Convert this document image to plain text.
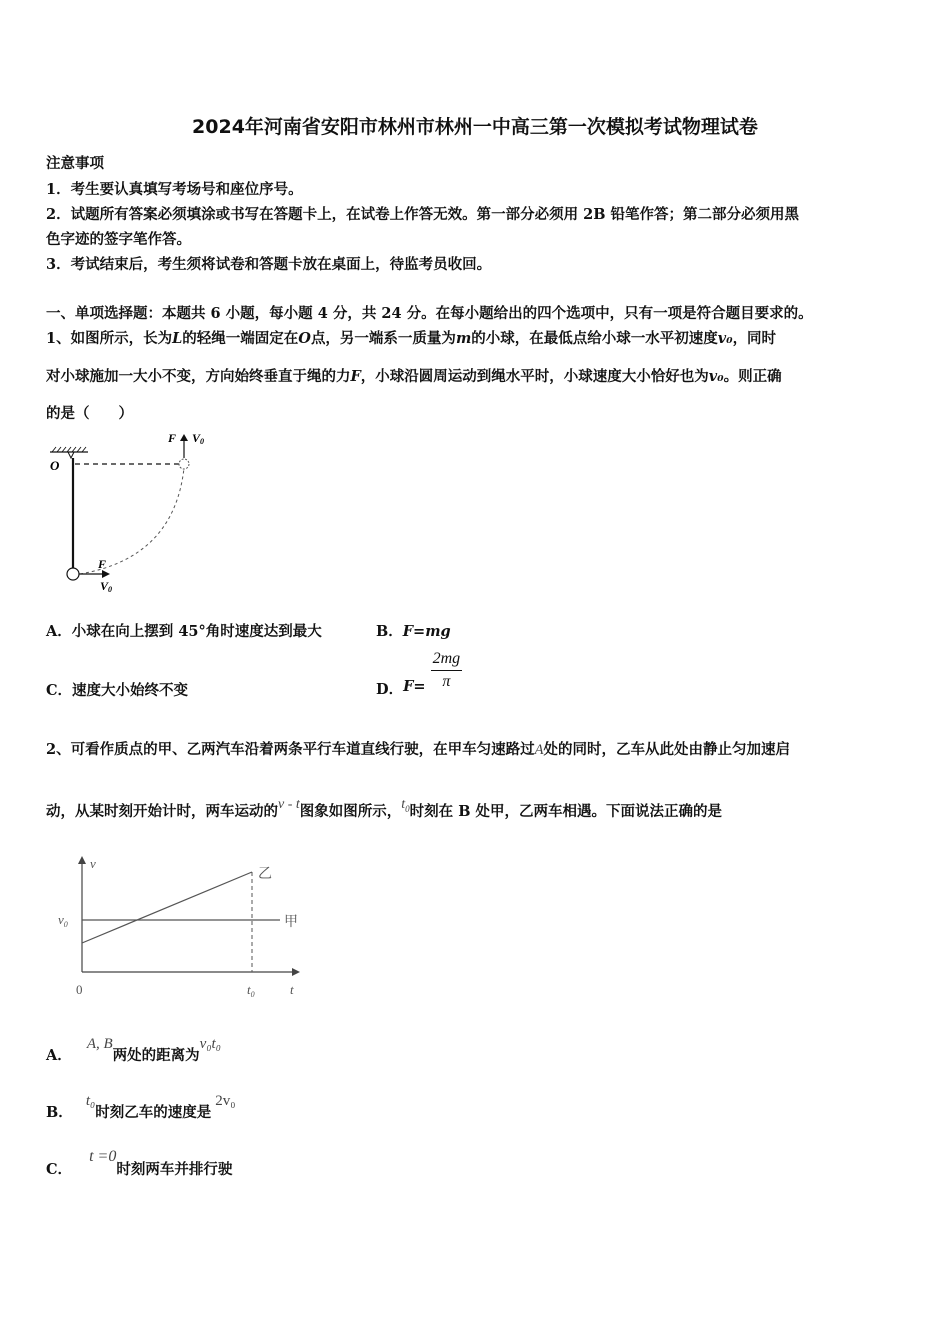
2024年河南省安阳市林州市林州一中高三第一次模拟考试物理试卷
注意事项
1．考生要认真填写考场号和座位序号。
2．试题所有答案必须填涂或书写在答题卡上，在试卷上作答无效。第一部分必须用 2B 铅笔作答；第二部分必须用黑
色字迹的签字笔作答。
3．考试结束后，考生须将试卷和答题卡放在桌面上，待监考员收回。
一、单项选择题：本题共 6 小题，每小题 4 分，共 24 分。在每小题给出的四个选项中，只有一项是符合题目要求的。
1、如图所示，长为L的轻绳一端固定在O点，另一端系一质量为m的小球，在最低点给小球一水平初速度v₀，同时
对小球施加一大小不变，方向始终垂直于绳的力F，小球沿圆周运动到绳水平时，小球速度大小恰好也为v₀。则正确
的是（　　）
O
F V0
F
V0
A．小球在向上摆到 45°角时速度达到最大	B．F=mg
C．速度大小始终不变	D．$F= \frac{2mg}{\pi}$
2、可看作质点的甲、乙两汽车沿着两条平行车道直线行驶，在甲车匀速路过A处的同时，乙车从此处由静止匀加速启
动，从某时刻开始计时，两车运动的v - t图象如图所示，$t_0$时刻在 B 处甲，乙两车相遇。下面说法正确的是
v
t
0
甲
$v_0$
乙
$t_0$
A． A, B两处的距离为v₀t₀
B． t₀时刻乙车的速度是2v₀
C． t =0时刻两车并排行驶
